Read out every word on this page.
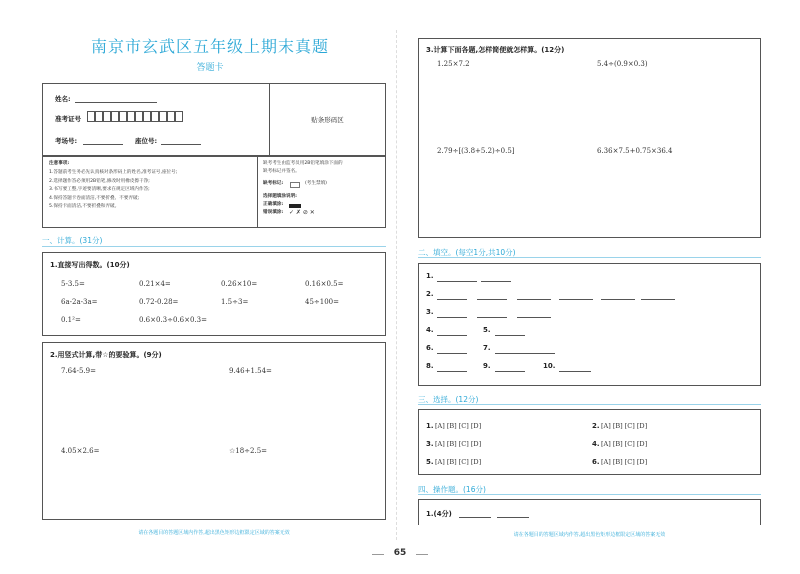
南京市玄武区五年级上期末真题
答题卡
姓名:
准考证号
考场号:	座位号:
贴条形码区
注意事项:
1.答题前考生务必先认真核对条形码上的姓名,准考证号,座位号;
2.选择题作答必须用2B铅笔,修改时用橡皮擦干净;
3.书写要工整,字迹要清晰,要求在规定区域内作答;
4.保持答题卡卷面清洁,不要折叠、不要弄破;
5.保持卡面清洁,不要折叠和弄破。
缺考考生由监考员用2B铅笔填涂下面的
缺考标记并签名。
缺考标记:	(考生禁填)
选择题填涂说明:
正确填涂:
错误填涂: ✓ ✗ ⊘ ✕
一、计算。(31分)
1.直接写出得数。(10分)
5-3.5=	0.21×4=	0.26×10=	0.16×0.5=
6a-2a-3a=	0.72-0.28=	1.5÷3=	45÷100=
0.1²=	0.6×0.3÷0.6×0.3=
2.用竖式计算,带☆的要验算。(9分)
7.64-5.9=	9.46+1.54=
4.05×2.6=	☆18÷2.5=
请在各题目的答题区域内作答,超出黑色矩形边框限定区域的答案无效
3.计算下面各题,怎样简便就怎样算。(12分)
1.25×7.2	5.4÷(0.9×0.3)
2.79÷[(3.8+5.2)÷0.5]	6.36×7.5+0.75×36.4
二、填空。(每空1分,共10分)
1.
2.
3.
4.	5.
6.	7.
8.	9.	10.
三、选择。(12分)
1. [A] [B] [C] [D]	2. [A] [B] [C] [D]
3. [A] [B] [C] [D]	4. [A] [B] [C] [D]
5. [A] [B] [C] [D]	6. [A] [B] [C] [D]
四、操作题。(16分)
1.(4分)
请在各题目的答题区域内作答,超出黑色矩形边框限定区域的答案无效
65
